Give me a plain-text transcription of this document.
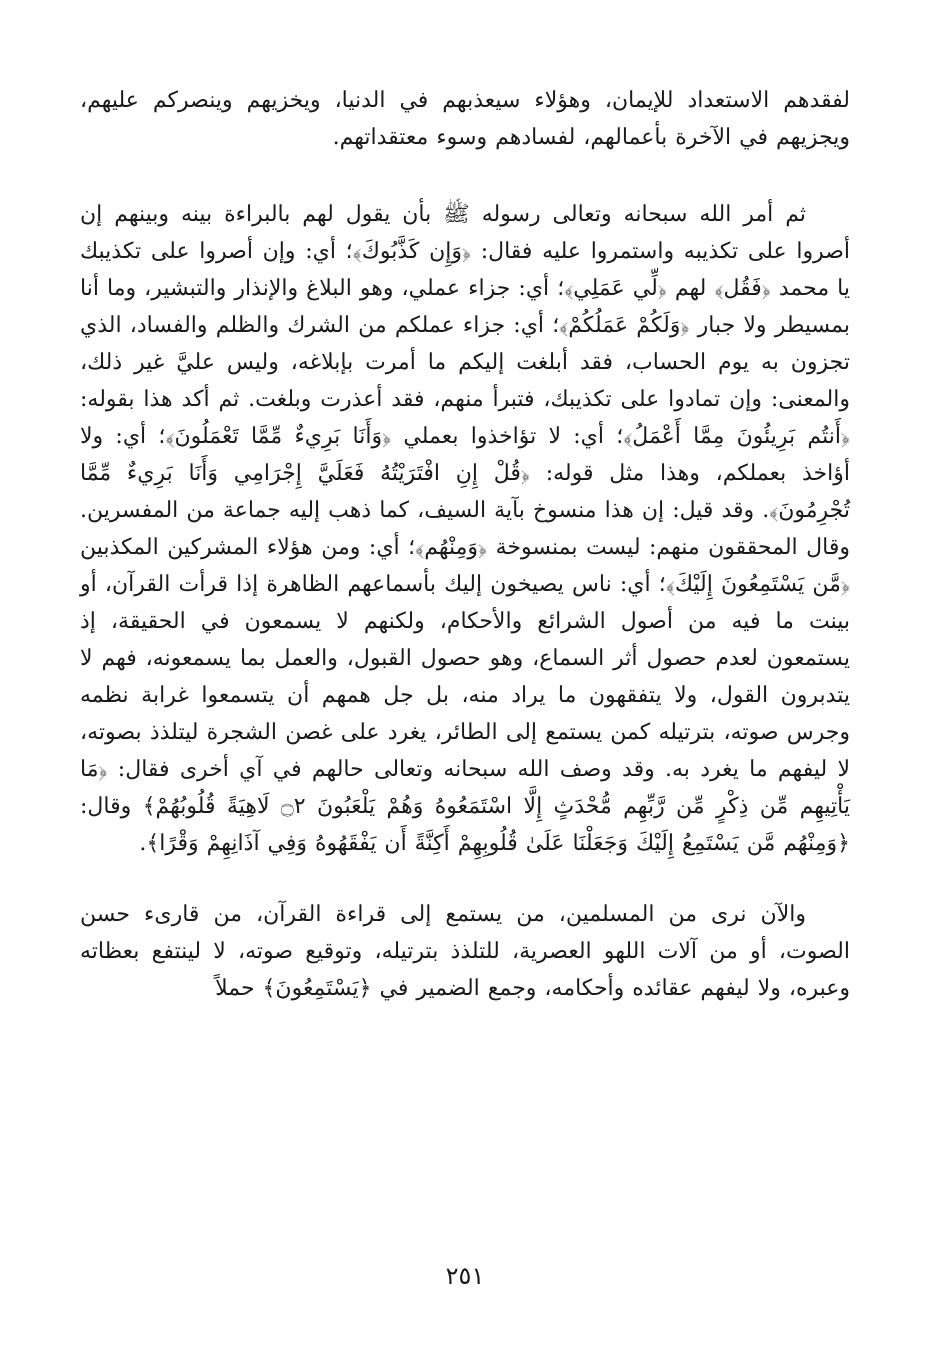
لفقدهم الاستعداد للإيمان، وهؤلاء سيعذبهم في الدنيا، ويخزيهم وينصركم عليهم، ويجزيهم في الآخرة بأعمالهم، لفسادهم وسوء معتقداتهم.

ثم أمر الله سبحانه وتعالى رسوله ﷺ بأن يقول لهم بالبراءة بينه وبينهم إن أصروا على تكذيبه واستمروا عليه فقال: ﴿وَإِن كَذَّبُوكَ﴾؛ أي: وإن أصروا على تكذيبك يا محمد ﴿فَقُل﴾ لهم ﴿لِّي عَمَلِي﴾؛ أي: جزاء عملي، وهو البلاغ والإنذار والتبشير، وما أنا بمسيطر ولا جبار ﴿وَلَكُمْ عَمَلُكُمْ﴾؛ أي: جزاء عملكم من الشرك والظلم والفساد، الذي تجزون به يوم الحساب، فقد أبلغت إليكم ما أمرت بإبلاغه، وليس عليَّ غير ذلك، والمعنى: وإن تمادوا على تكذيبك، فتبرأ منهم، فقد أعذرت وبلغت. ثم أكد هذا بقوله: ﴿أَنتُم بَرِيئُونَ مِمَّا أَعْمَلُ﴾؛ أي: لا تؤاخذوا بعملي ﴿وَأَنَا بَرِيءٌ مِّمَّا تَعْمَلُونَ﴾؛ أي: ولا أؤاخذ بعملكم، وهذا مثل قوله: ﴿قُلْ إِنِ افْتَرَيْتُهُ فَعَلَيَّ إِجْرَامِي وَأَنَا بَرِيءٌ مِّمَّا تُجْرِمُونَ﴾. وقد قيل: إن هذا منسوخ بآية السيف، كما ذهب إليه جماعة من المفسرين. وقال المحققون منهم: ليست بمنسوخة ﴿وَمِنْهُم﴾؛ أي: ومن هؤلاء المشركين المكذبين ﴿مَّن يَسْتَمِعُونَ إِلَيْكَ﴾؛ أي: ناس يصيخون إليك بأسماعهم الظاهرة إذا قرأت القرآن، أو بينت ما فيه من أصول الشرائع والأحكام، ولكنهم لا يسمعون في الحقيقة، إذ يستمعون لعدم حصول أثر السماع، وهو حصول القبول، والعمل بما يسمعونه، فهم لا يتدبرون القول، ولا يتفقهون ما يراد منه، بل جل همهم أن يتسمعوا غرابة نظمه وجرس صوته، بترتيله كمن يستمع إلى الطائر، يغرد على غصن الشجرة ليتلذذ بصوته، لا ليفهم ما يغرد به. وقد وصف الله سبحانه وتعالى حالهم في آي أخرى فقال: ﴿مَا يَأْتِيهِم مِّن ذِكْرٍ مِّن رَّبِّهِم مُّحْدَثٍ إِلَّا اسْتَمَعُوهُ وَهُمْ يَلْعَبُونَ ۝٢ لَاهِيَةً قُلُوبُهُمْ﴾ وقال: ﴿وَمِنْهُم مَّن يَسْتَمِعُ إِلَيْكَ وَجَعَلْنَا عَلَىٰ قُلُوبِهِمْ أَكِنَّةً أَن يَفْقَهُوهُ وَفِي آذَانِهِمْ وَقْرًا﴾.

والآن نرى من المسلمين، من يستمع إلى قراءة القرآن، من قارىء حسن الصوت، أو من آلات اللهو العصرية، للتلذذ بترتيله، وتوقيع صوته، لا لينتفع بعظاته وعبره، ولا ليفهم عقائده وأحكامه، وجمع الضمير في ﴿يَسْتَمِعُونَ﴾ حملاً

٢٥١
